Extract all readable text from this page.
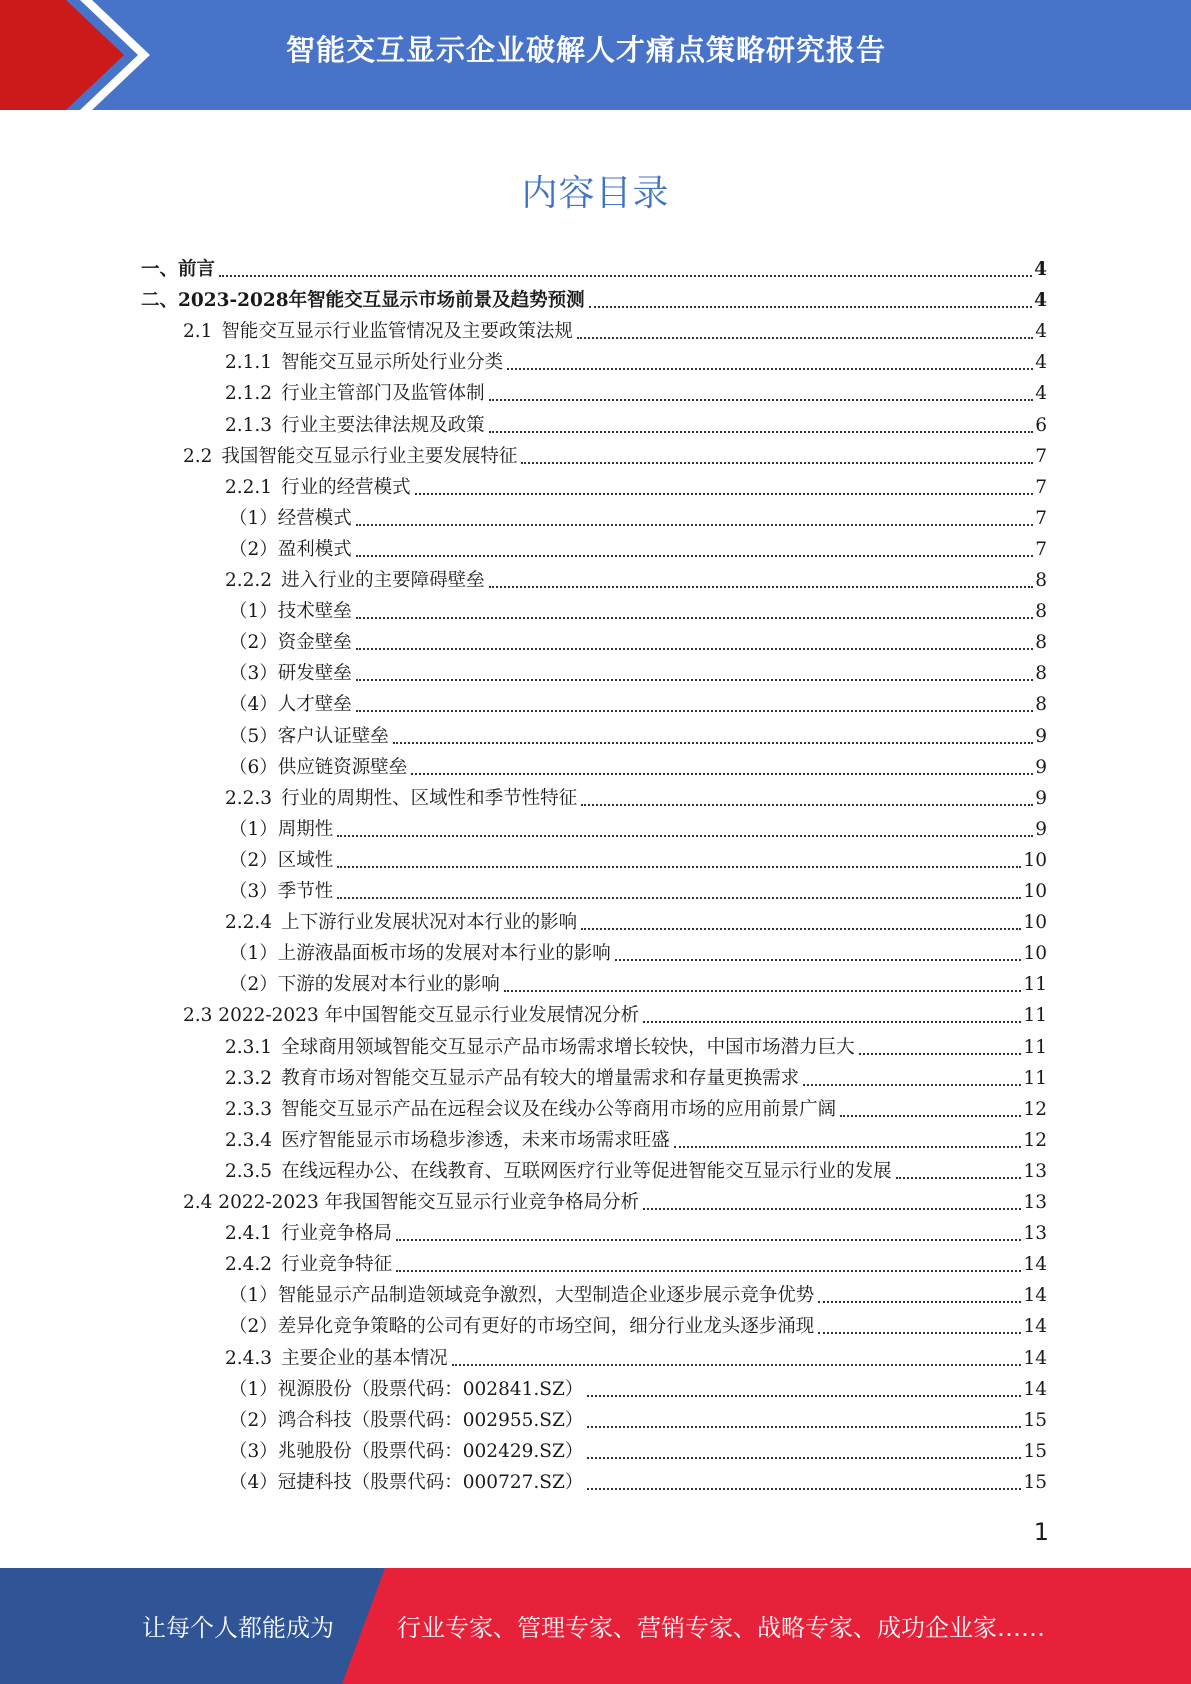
智能交互显示企业破解人才痛点策略研究报告
内容目录
一、前言	4
二、2023-2028年智能交互显示市场前景及趋势预测	4
2.1 智能交互显示行业监管情况及主要政策法规	4
2.1.1 智能交互显示所处行业分类	4
2.1.2 行业主管部门及监管体制	4
2.1.3 行业主要法律法规及政策	6
2.2 我国智能交互显示行业主要发展特征	7
2.2.1 行业的经营模式	7
（1）经营模式	7
（2）盈利模式	7
2.2.2 进入行业的主要障碍壁垒	8
（1）技术壁垒	8
（2）资金壁垒	8
（3）研发壁垒	8
（4）人才壁垒	8
（5）客户认证壁垒	9
（6）供应链资源壁垒	9
2.2.3 行业的周期性、区域性和季节性特征	9
（1）周期性	9
（2）区域性	10
（3）季节性	10
2.2.4 上下游行业发展状况对本行业的影响	10
（1）上游液晶面板市场的发展对本行业的影响	10
（2）下游的发展对本行业的影响	11
2.3 2022-2023 年中国智能交互显示行业发展情况分析	11
2.3.1 全球商用领域智能交互显示产品市场需求增长较快，中国市场潜力巨大	11
2.3.2 教育市场对智能交互显示产品有较大的增量需求和存量更换需求	11
2.3.3 智能交互显示产品在远程会议及在线办公等商用市场的应用前景广阔	12
2.3.4 医疗智能显示市场稳步渗透，未来市场需求旺盛	12
2.3.5 在线远程办公、在线教育、互联网医疗行业等促进智能交互显示行业的发展	13
2.4 2022-2023 年我国智能交互显示行业竞争格局分析	13
2.4.1 行业竞争格局	13
2.4.2 行业竞争特征	14
（1）智能显示产品制造领域竞争激烈，大型制造企业逐步展示竞争优势	14
（2）差异化竞争策略的公司有更好的市场空间，细分行业龙头逐步涌现	14
2.4.3 主要企业的基本情况	14
（1）视源股份（股票代码：002841.SZ）	14
（2）鸿合科技（股票代码：002955.SZ）	15
（3）兆驰股份（股票代码：002429.SZ）	15
（4）冠捷科技（股票代码：000727.SZ）	15
1
让每个人都能成为	行业专家、管理专家、营销专家、战略专家、成功企业家……
